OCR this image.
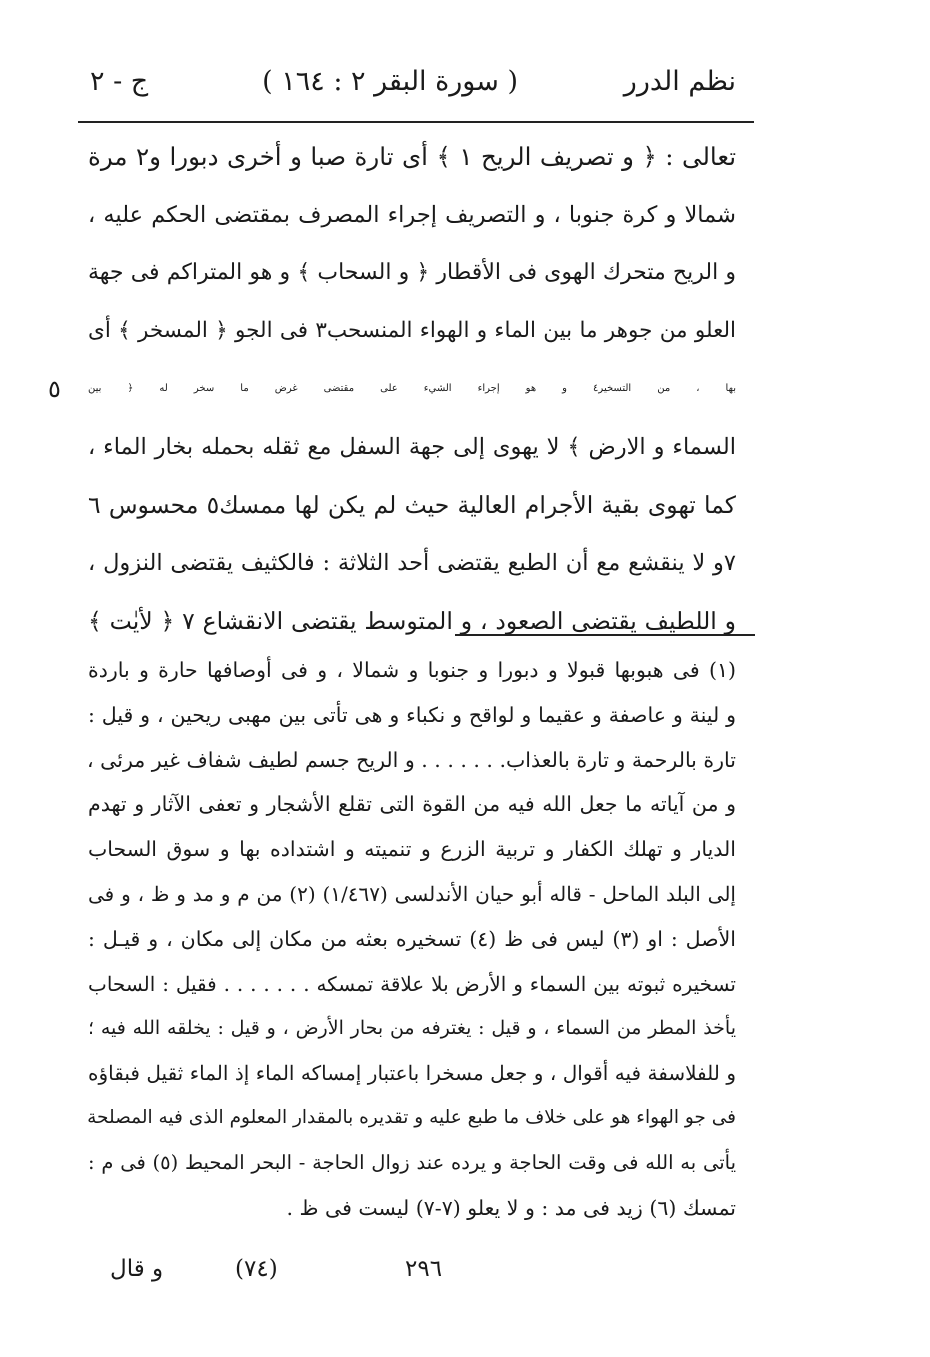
نظم الدرر
( سورة البقر ٢ : ١٦٤ )
ج - ٢
تعالى : ﴿ و تصريف الريح ١ ﴾ أى تارة صبا و أخرى دبورا و٢ مرة
شمالا و كرة جنوبا ، و التصريف إجراء المصرف بمقتضى الحكم عليه ،
و الريح متحرك الهوى فى الأقطار ﴿ و السحاب ﴾ و هو المتراكم فى جهة
العلو من جوهر ما بين الماء و الهواء المنسحب٣ فى الجو ﴿ المسخر ﴾ أى
بها ، من التسخير٤ و هو إجراء الشيء على مقتضى غرض ما سخر له ﴿ بين
٥
السماء و الارض ﴾ لا يهوى إلى جهة السفل مع ثقله بحمله بخار الماء ،
كما تهوى بقية الأجرام العالية حيث لم يكن لها ممسك٥ محسوس ٦
٧و لا ينقشع مع أن الطبع يقتضى أحد الثلاثة : فالكثيف يقتضى النزول ،
و اللطيف يقتضى الصعود ، و المتوسط يقتضى الانقشاع ٧ ﴿ لأيٰت ﴾
(١) فى هبوبها قبولا و دبورا و جنوبا و شمالا ، و فى أوصافها حارة و باردة
و لينة و عاصفة و عقيما و لواقح و نكباء و هى تأتى بين مهبى ريحين ، و قيل :
تارة بالرحمة و تارة بالعذاب. . . . . . . و الريح جسم لطيف شفاف غير مرئى ،
و من آياته ما جعل الله فيه من القوة التى تقلع الأشجار و تعفى الآثار و تهدم
الديار و تهلك الكفار و تربية الزرع و تنميته و اشتداده بها و سوق السحاب
إلى البلد الماحل - قاله أبو حيان الأندلسى (١/٤٦٧) (٢) من م و مد و ظ ، و فى
الأصل : او (٣) ليس فى ظ (٤) تسخيره بعثه من مكان إلى مكان ، و قيـل :
تسخيره ثبوته بين السماء و الأرض بلا علاقة تمسكه . . . . . . . فقيل : السحاب
يأخذ المطر من السماء ، و قيل : يغترفه من بحار الأرض ، و قيل : يخلقه الله فيه ؛
و للفلاسفة فيه أقوال ، و جعل مسخرا باعتبار إمساكه الماء إذ الماء ثقيل فبقاؤه
فى جو الهواء هو على خلاف ما طبع عليه و تقديره بالمقدار المعلوم الذى فيه المصلحة
يأتى به الله فى وقت الحاجة و يرده عند زوال الحاجة - البحر المحيط (٥) فى م :
تمسك (٦) زيد فى مد : و لا يعلو (٧-٧) ليست فى ظ .
و قال	(٧٤)	٢٩٦
